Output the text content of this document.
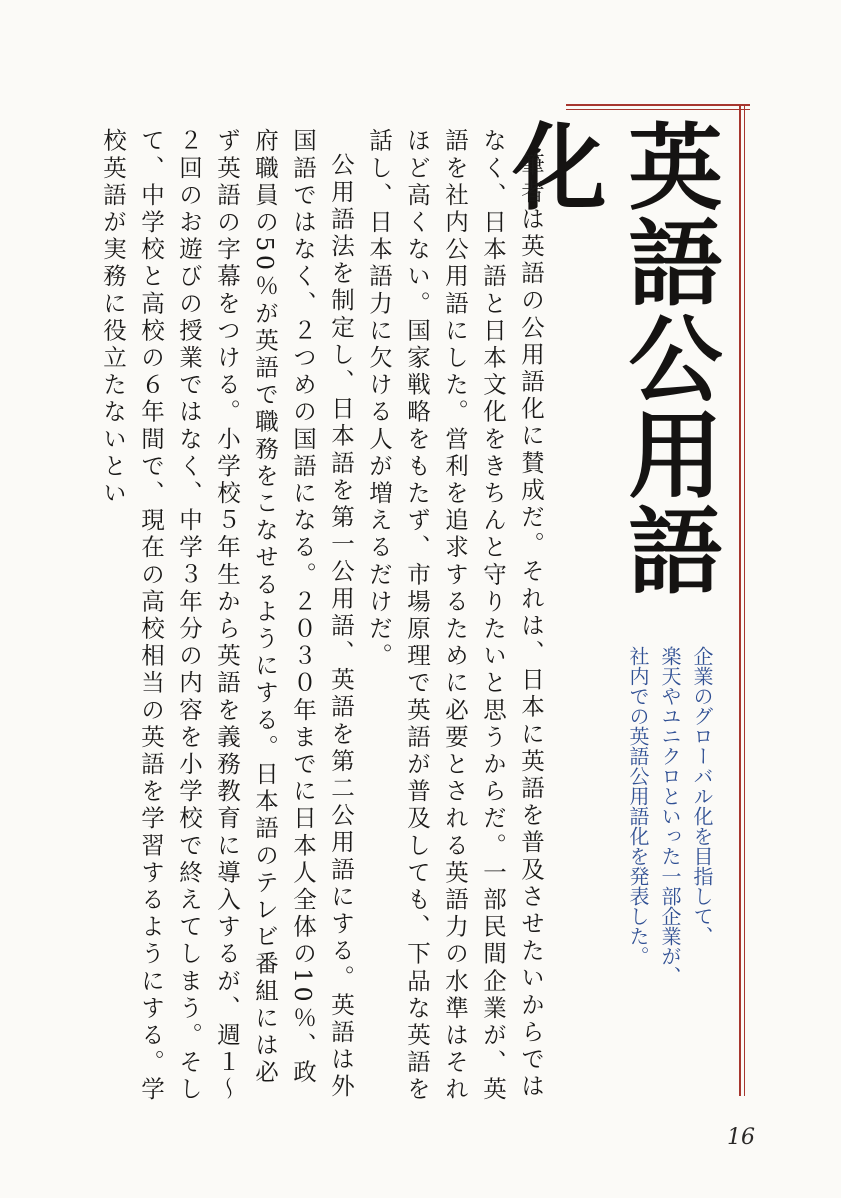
英語公用語化
企業のグローバル化を目指して、
楽天やユニクロといった一部企業が、
社内での英語公用語化を発表した。

筆者は英語の公用語化に賛成だ。それは、日本に英語を普及させたいからではなく、日本語と日本文化をきちんと守りたいと思うからだ。一部民間企業が、英語を社内公用語にした。営利を追求するために必要とされる英語力の水準はそれほど高くない。国家戦略をもたず、市場原理で英語が普及しても、下品な英語を話し、日本語力に欠ける人が増えるだけだ。

公用語法を制定し、日本語を第一公用語、英語を第二公用語にする。英語は外国語ではなく、２つめの国語になる。２０３０年までに日本人全体の10％、政府職員の50％が英語で職務をこなせるようにする。日本語のテレビ番組には必ず英語の字幕をつける。小学校５年生から英語を義務教育に導入するが、週１～２回のお遊びの授業ではなく、中学３年分の内容を小学校で終えてしまう。そして、中学校と高校の６年間で、現在の高校相当の英語を学習するようにする。学校英語が実務に役立たないとい

16
